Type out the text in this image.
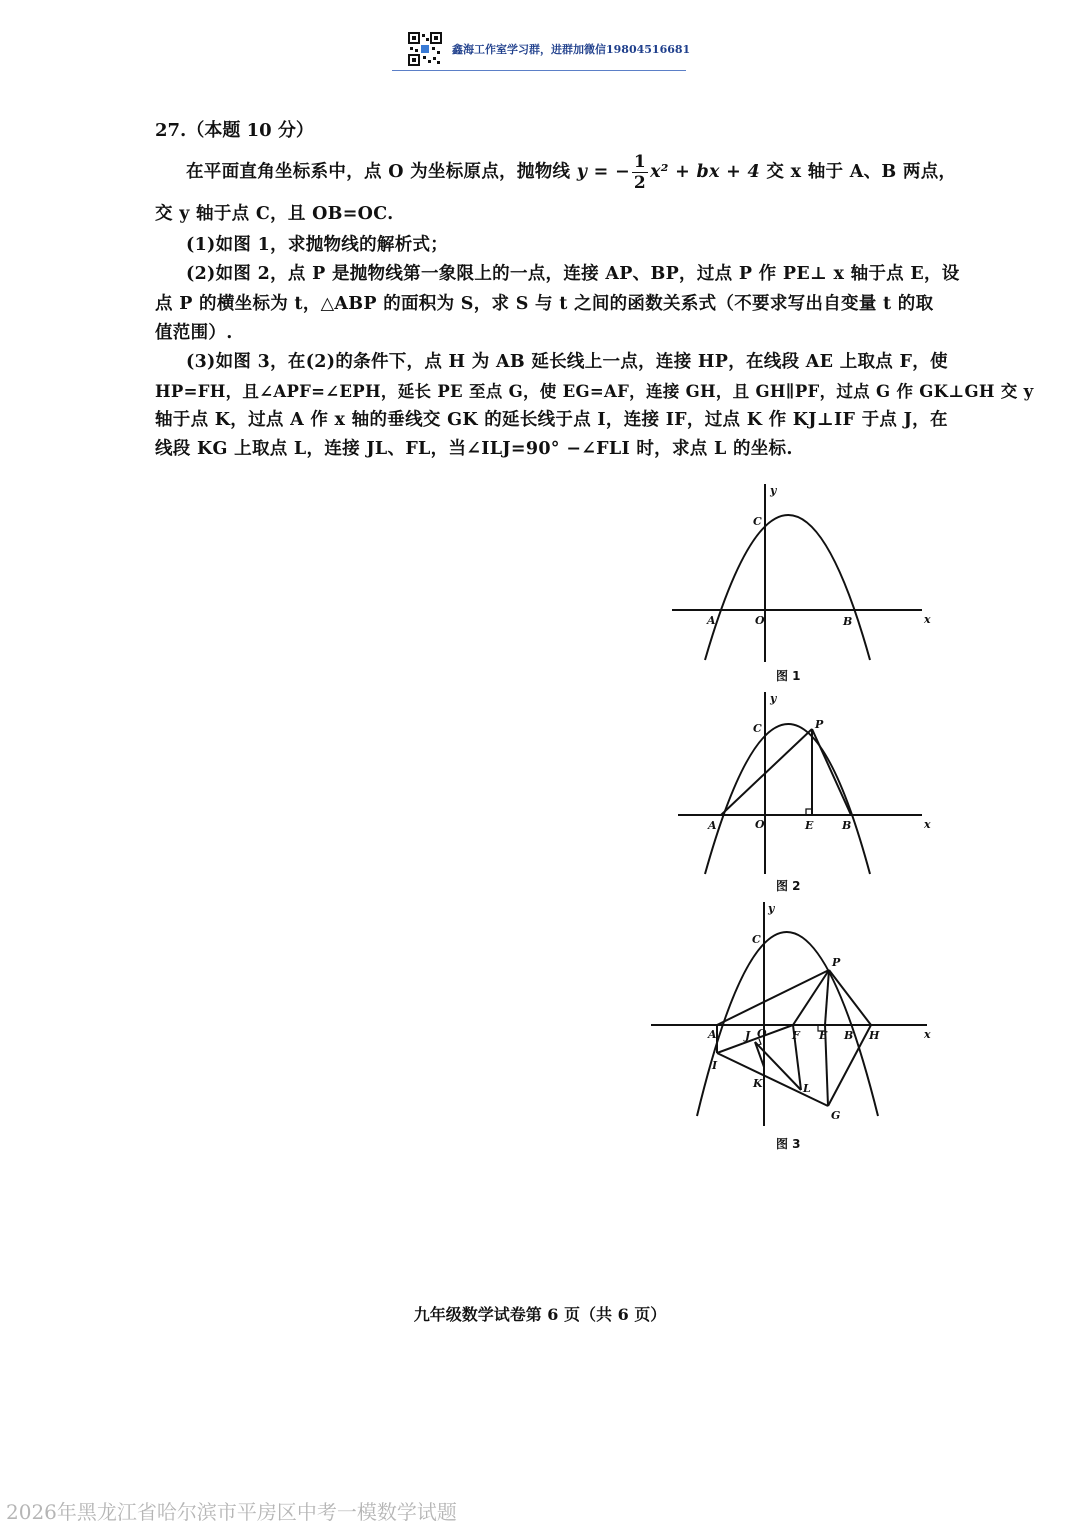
鑫海工作室学习群，进群加微信19804516681
27.（本题 10 分）
在平面直角坐标系中，点 O 为坐标原点，抛物线 y = − $\frac{1}{2} x^2$ + bx + 4 交 x 轴于 A、B 两点，
交 y 轴于点 C，且 OB=OC.
(1)如图 1，求抛物线的解析式；
(2)如图 2，点 P 是抛物线第一象限上的一点，连接 AP、BP，过点 P 作 PE⊥ x 轴于点 E，设
点 P 的横坐标为 t，△ABP 的面积为 S，求 S 与 t 之间的函数关系式（不要求写出自变量 t 的取
值范围）.
(3)如图 3，在(2)的条件下，点 H 为 AB 延长线上一点，连接 HP，在线段 AE 上取点 F，使
HP=FH，且∠APF=∠EPH，延长 PE 至点 G，使 EG=AF，连接 GH，且 GH∥PF，过点 G 作 GK⊥GH 交 y
轴于点 K，过点 A 作 x 轴的垂线交 GK 的延长线于点 I，连接 IF，过点 K 作 KJ⊥IF 于点 J，在
线段 KG 上取点 L，连接 JL、FL，当∠ILJ=90° −∠FLI 时，求点 L 的坐标.
y
x
C
O
A	B
图 1
y
x
C	P
O
A	E	B
图 2
y
x
C
P
A	J O F E B H
I
K	L
G
图 3
九年级数学试卷第 6 页（共 6 页）
2026年黑龙江省哈尔滨市平房区中考一模数学试题
